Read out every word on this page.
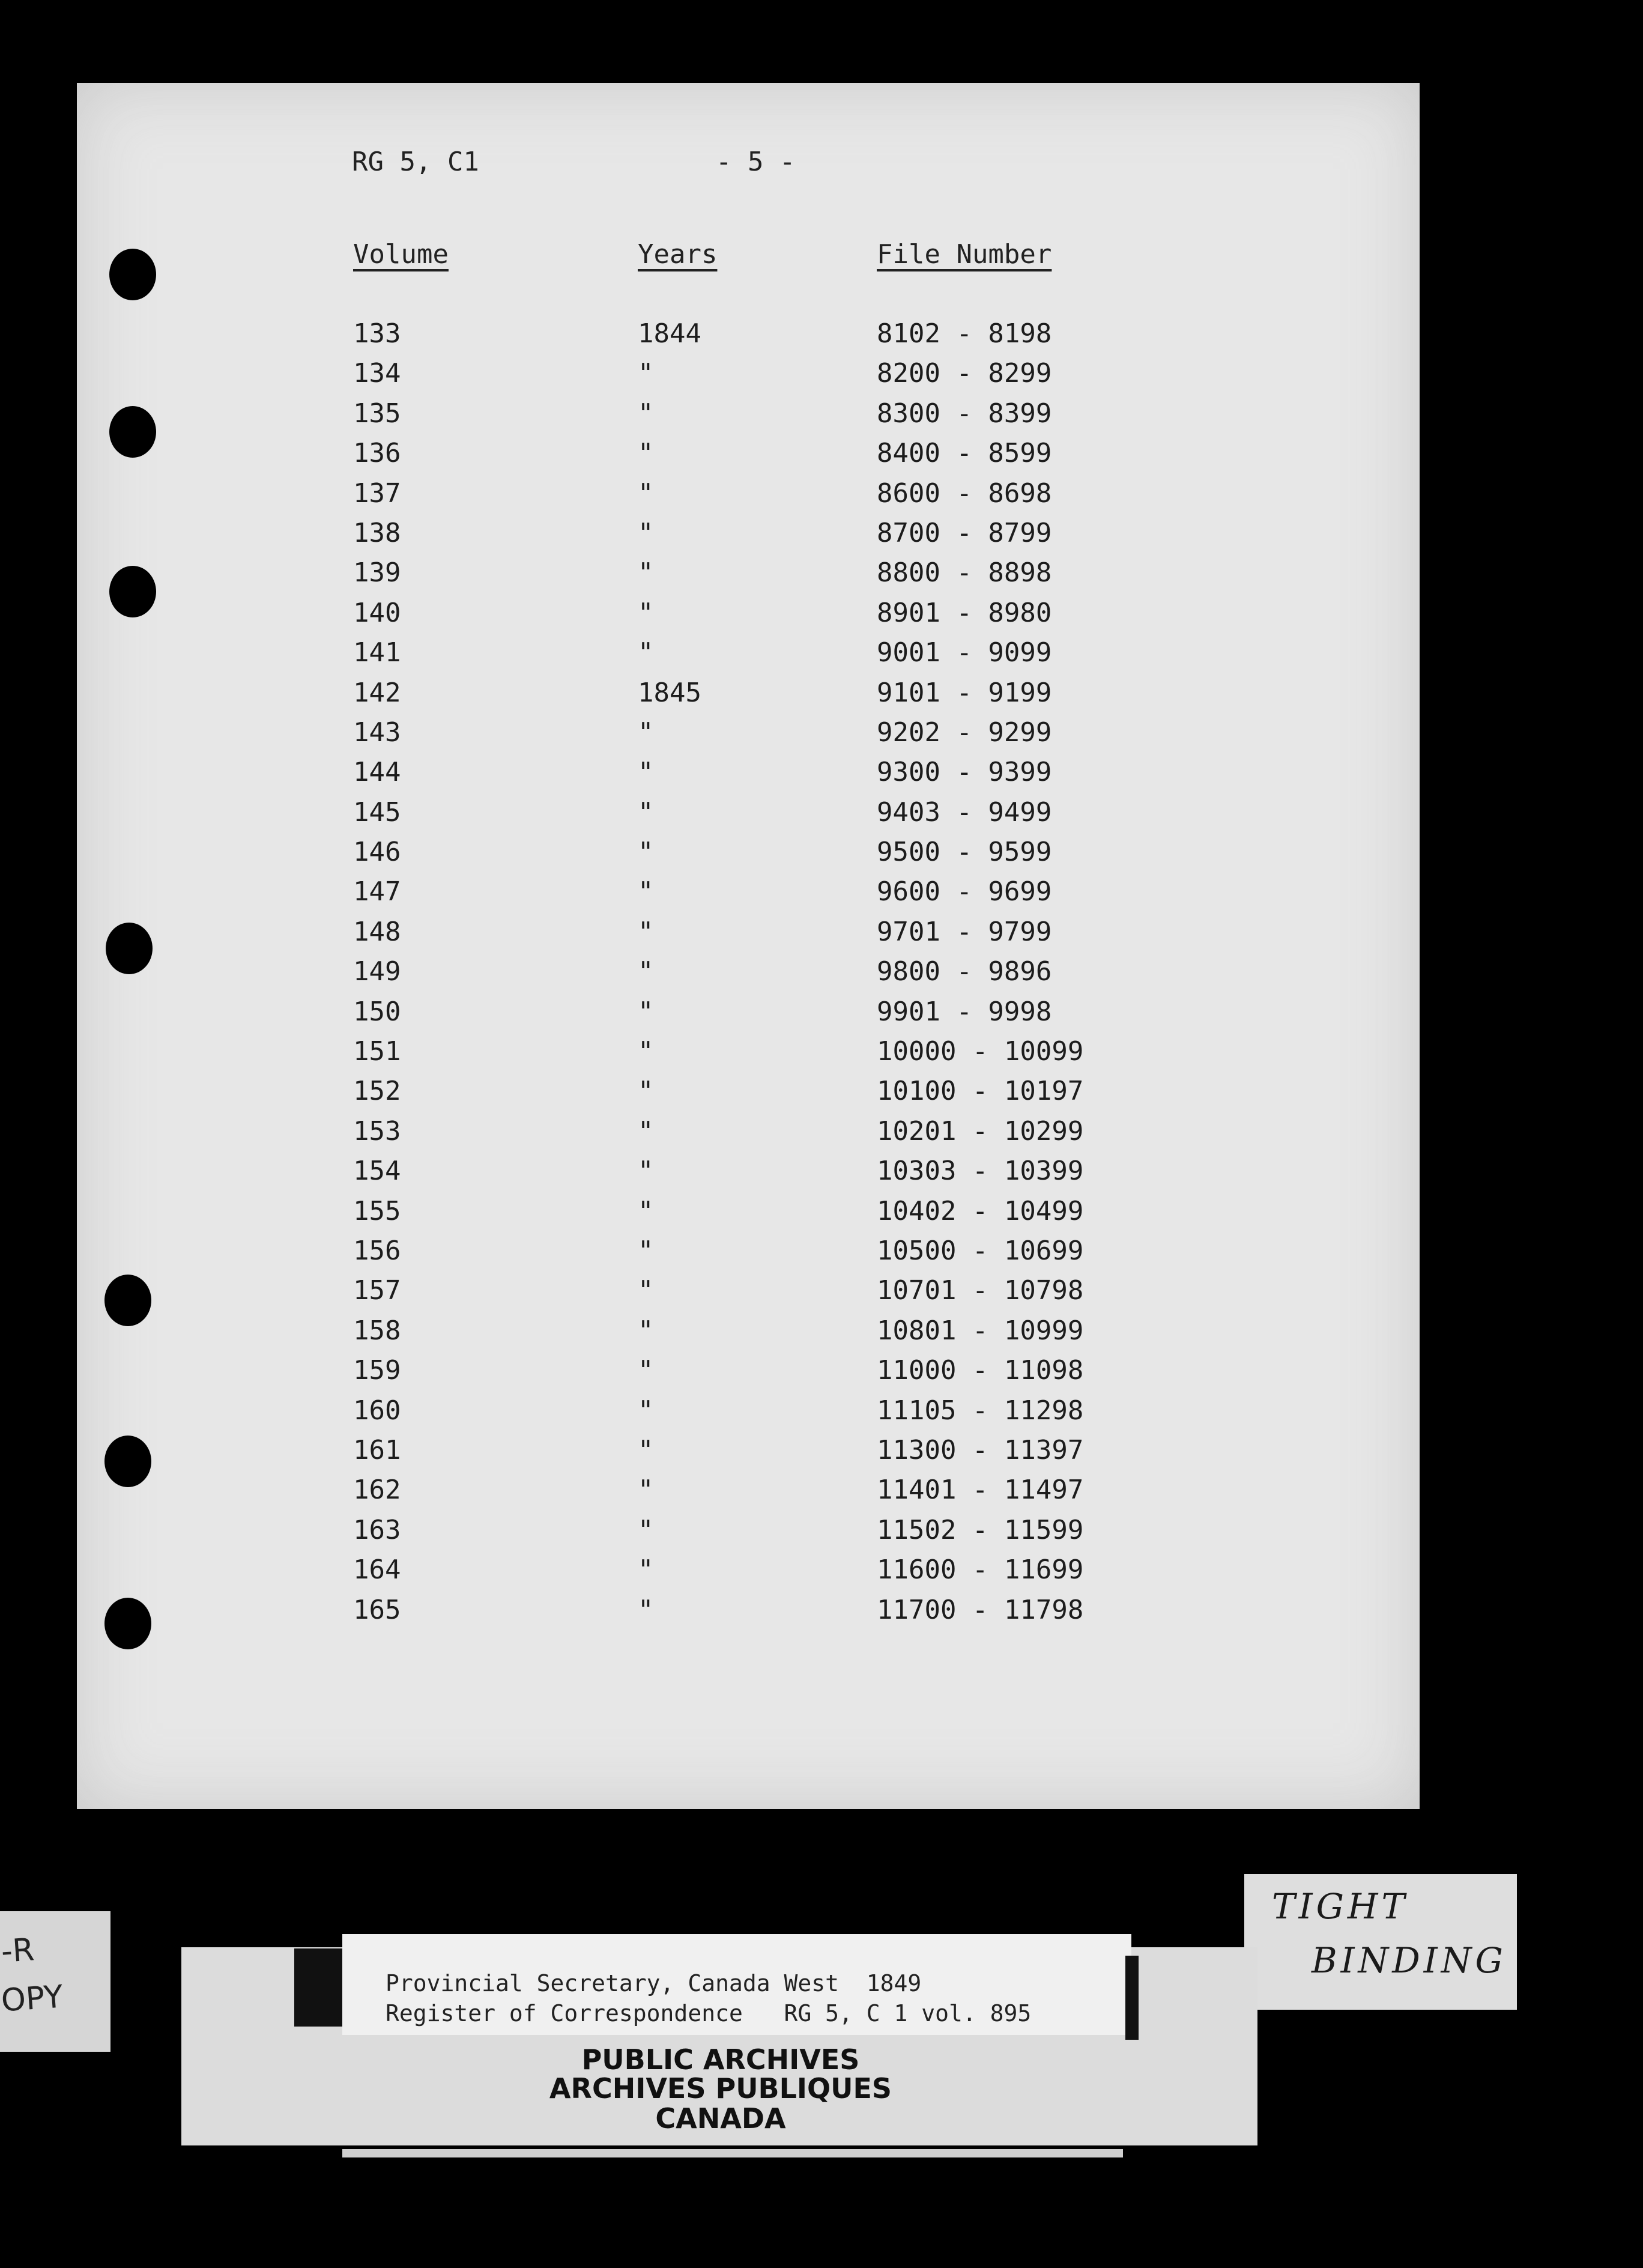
RG 5, C1	- 5 -
Volume	Years	File Number
133	1844	8102 - 8198
134	"	8200 - 8299
135	"	8300 - 8399
136	"	8400 - 8599
137	"	8600 - 8698
138	"	8700 - 8799
139	"	8800 - 8898
140	"	8901 - 8980
141	"	9001 - 9099
142	1845	9101 - 9199
143	"	9202 - 9299
144	"	9300 - 9399
145	"	9403 - 9499
146	"	9500 - 9599
147	"	9600 - 9699
148	"	9701 - 9799
149	"	9800 - 9896
150	"	9901 - 9998
151	"	10000 - 10099
152	"	10100 - 10197
153	"	10201 - 10299
154	"	10303 - 10399
155	"	10402 - 10499
156	"	10500 - 10699
157	"	10701 - 10798
158	"	10801 - 10999
159	"	11000 - 11098
160	"	11105 - 11298
161	"	11300 - 11397
162	"	11401 - 11497
163	"	11502 - 11599
164	"	11600 - 11699
165	"	11700 - 11798
-R
OPY
TIGHT
BINDING
Provincial Secretary, Canada West  1849
Register of Correspondence   RG 5, C 1 vol. 895
PUBLIC ARCHIVES
ARCHIVES PUBLIQUES
CANADA
